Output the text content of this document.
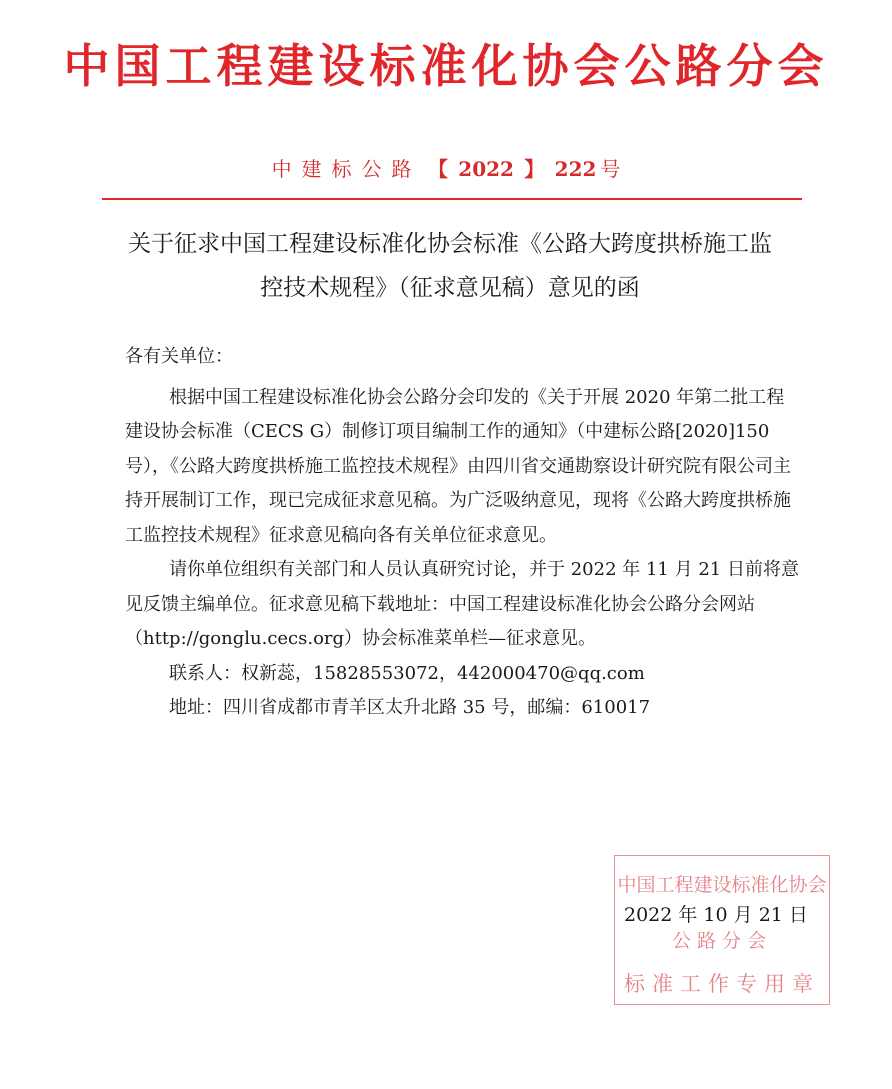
中国工程建设标准化协会公路分会
中建标公路 【 2022 】 222 号
关于征求中国工程建设标准化协会标准《公路大跨度拱桥施工监
控技术规程》（征求意见稿）意见的函

各有关单位：

根据中国工程建设标准化协会公路分会印发的《关于开展 2020 年第二批工程建设协会标准（CECS G）制修订项目编制工作的通知》（中建标公路[2020]150 号），《公路大跨度拱桥施工监控技术规程》由四川省交通勘察设计研究院有限公司主持开展制订工作，现已完成征求意见稿。为广泛吸纳意见，现将《公路大跨度拱桥施工监控技术规程》征求意见稿向各有关单位征求意见。

请你单位组织有关部门和人员认真研究讨论，并于 2022 年 11 月 21 日前将意见反馈主编单位。征求意见稿下载地址：中国工程建设标准化协会公路分会网站（http://gonglu.cecs.org）协会标准菜单栏—征求意见。

联系人：权新蕊，15828553072，442000470@qq.com

地址：四川省成都市青羊区太升北路 35 号，邮编：610017

中国工程建设标准化协会
公路分会
标准工作专用章
2022 年 10 月 21 日
